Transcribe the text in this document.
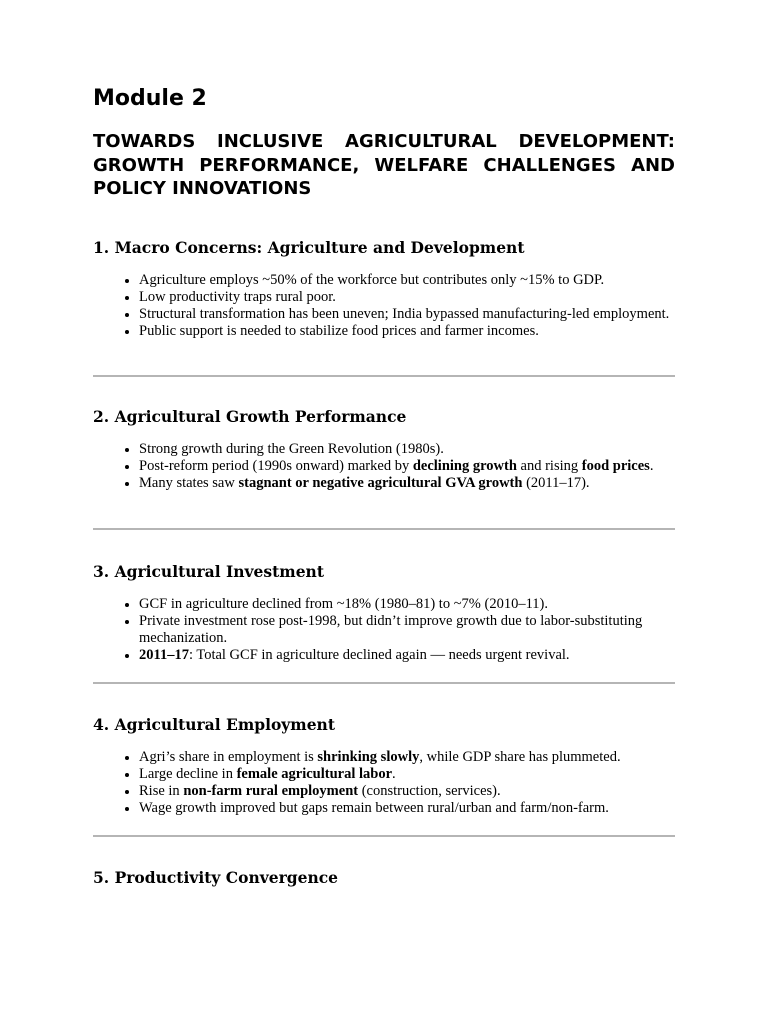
Module 2
TOWARDS INCLUSIVE AGRICULTURAL DEVELOPMENT: GROWTH PERFORMANCE, WELFARE CHALLENGES AND POLICY INNOVATIONS
1. Macro Concerns: Agriculture and Development
• Agriculture employs ~50% of the workforce but contributes only ~15% to GDP.
• Low productivity traps rural poor.
• Structural transformation has been uneven; India bypassed manufacturing-led employment.
• Public support is needed to stabilize food prices and farmer incomes.
2. Agricultural Growth Performance
• Strong growth during the Green Revolution (1980s).
• Post-reform period (1990s onward) marked by declining growth and rising food prices.
• Many states saw stagnant or negative agricultural GVA growth (2011–17).
3. Agricultural Investment
• GCF in agriculture declined from ~18% (1980–81) to ~7% (2010–11).
• Private investment rose post-1998, but didn’t improve growth due to labor-substituting mechanization.
• 2011–17: Total GCF in agriculture declined again — needs urgent revival.
4. Agricultural Employment
• Agri’s share in employment is shrinking slowly, while GDP share has plummeted.
• Large decline in female agricultural labor.
• Rise in non-farm rural employment (construction, services).
• Wage growth improved but gaps remain between rural/urban and farm/non-farm.
5. Productivity Convergence
